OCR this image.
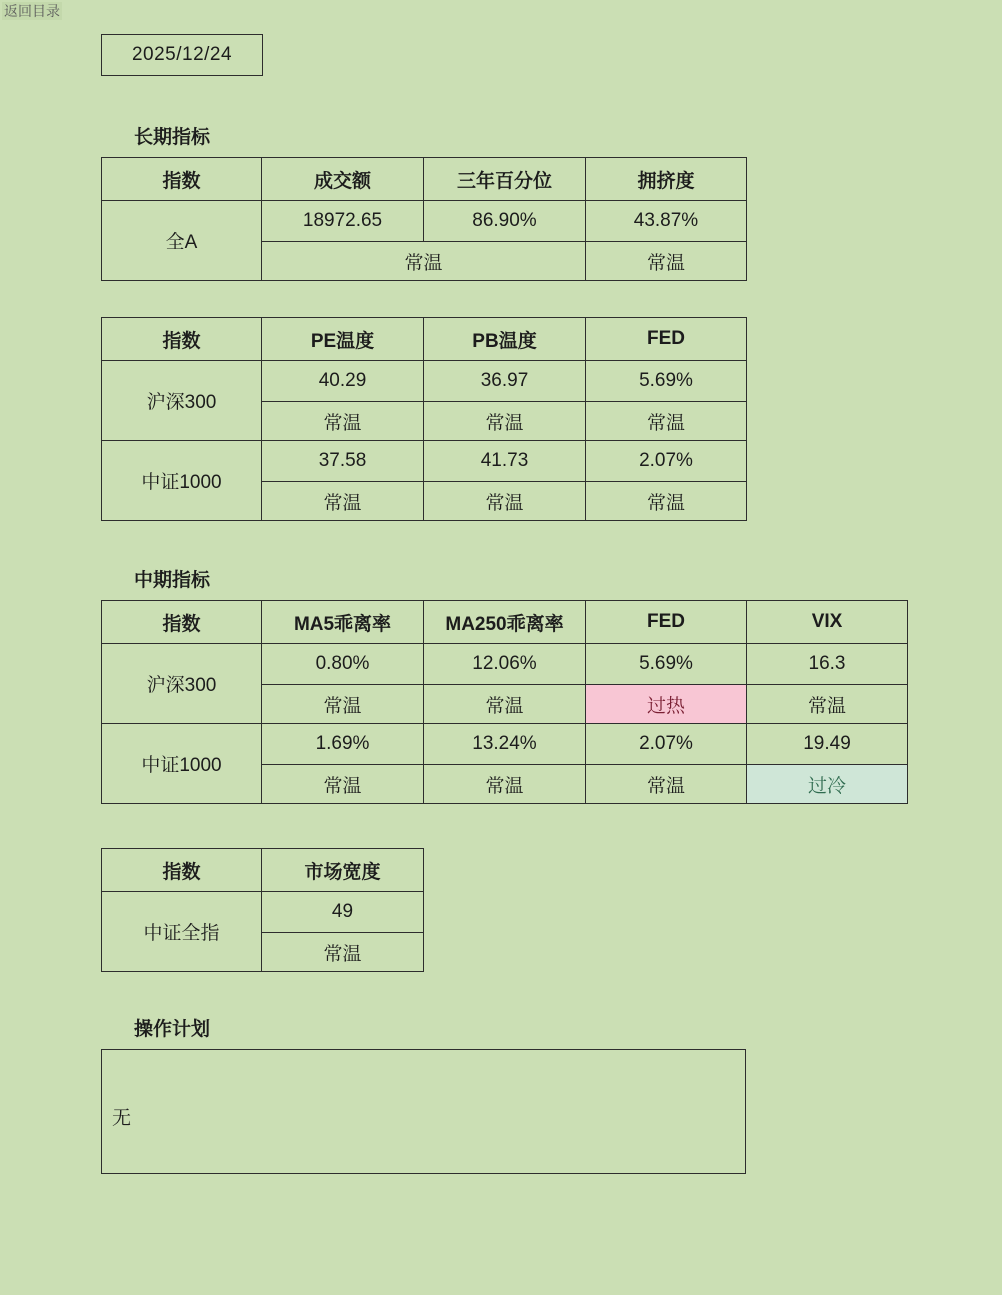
返回目录
2025/12/24
长期指标
指数	成交额	三年百分位	拥挤度
全A	18972.65	86.90%	43.87%
	常温		常温
指数	PE温度	PB温度	FED
沪深300	40.29	36.97	5.69%
	常温	常温	常温
中证1000	37.58	41.73	2.07%
	常温	常温	常温
中期指标
指数	MA5乖离率	MA250乖离率	FED	VIX
沪深300	0.80%	12.06%	5.69%	16.3
	常温	常温	过热	常温
中证1000	1.69%	13.24%	2.07%	19.49
	常温	常温	常温	过冷
指数	市场宽度
中证全指	49
	常温
操作计划
无
